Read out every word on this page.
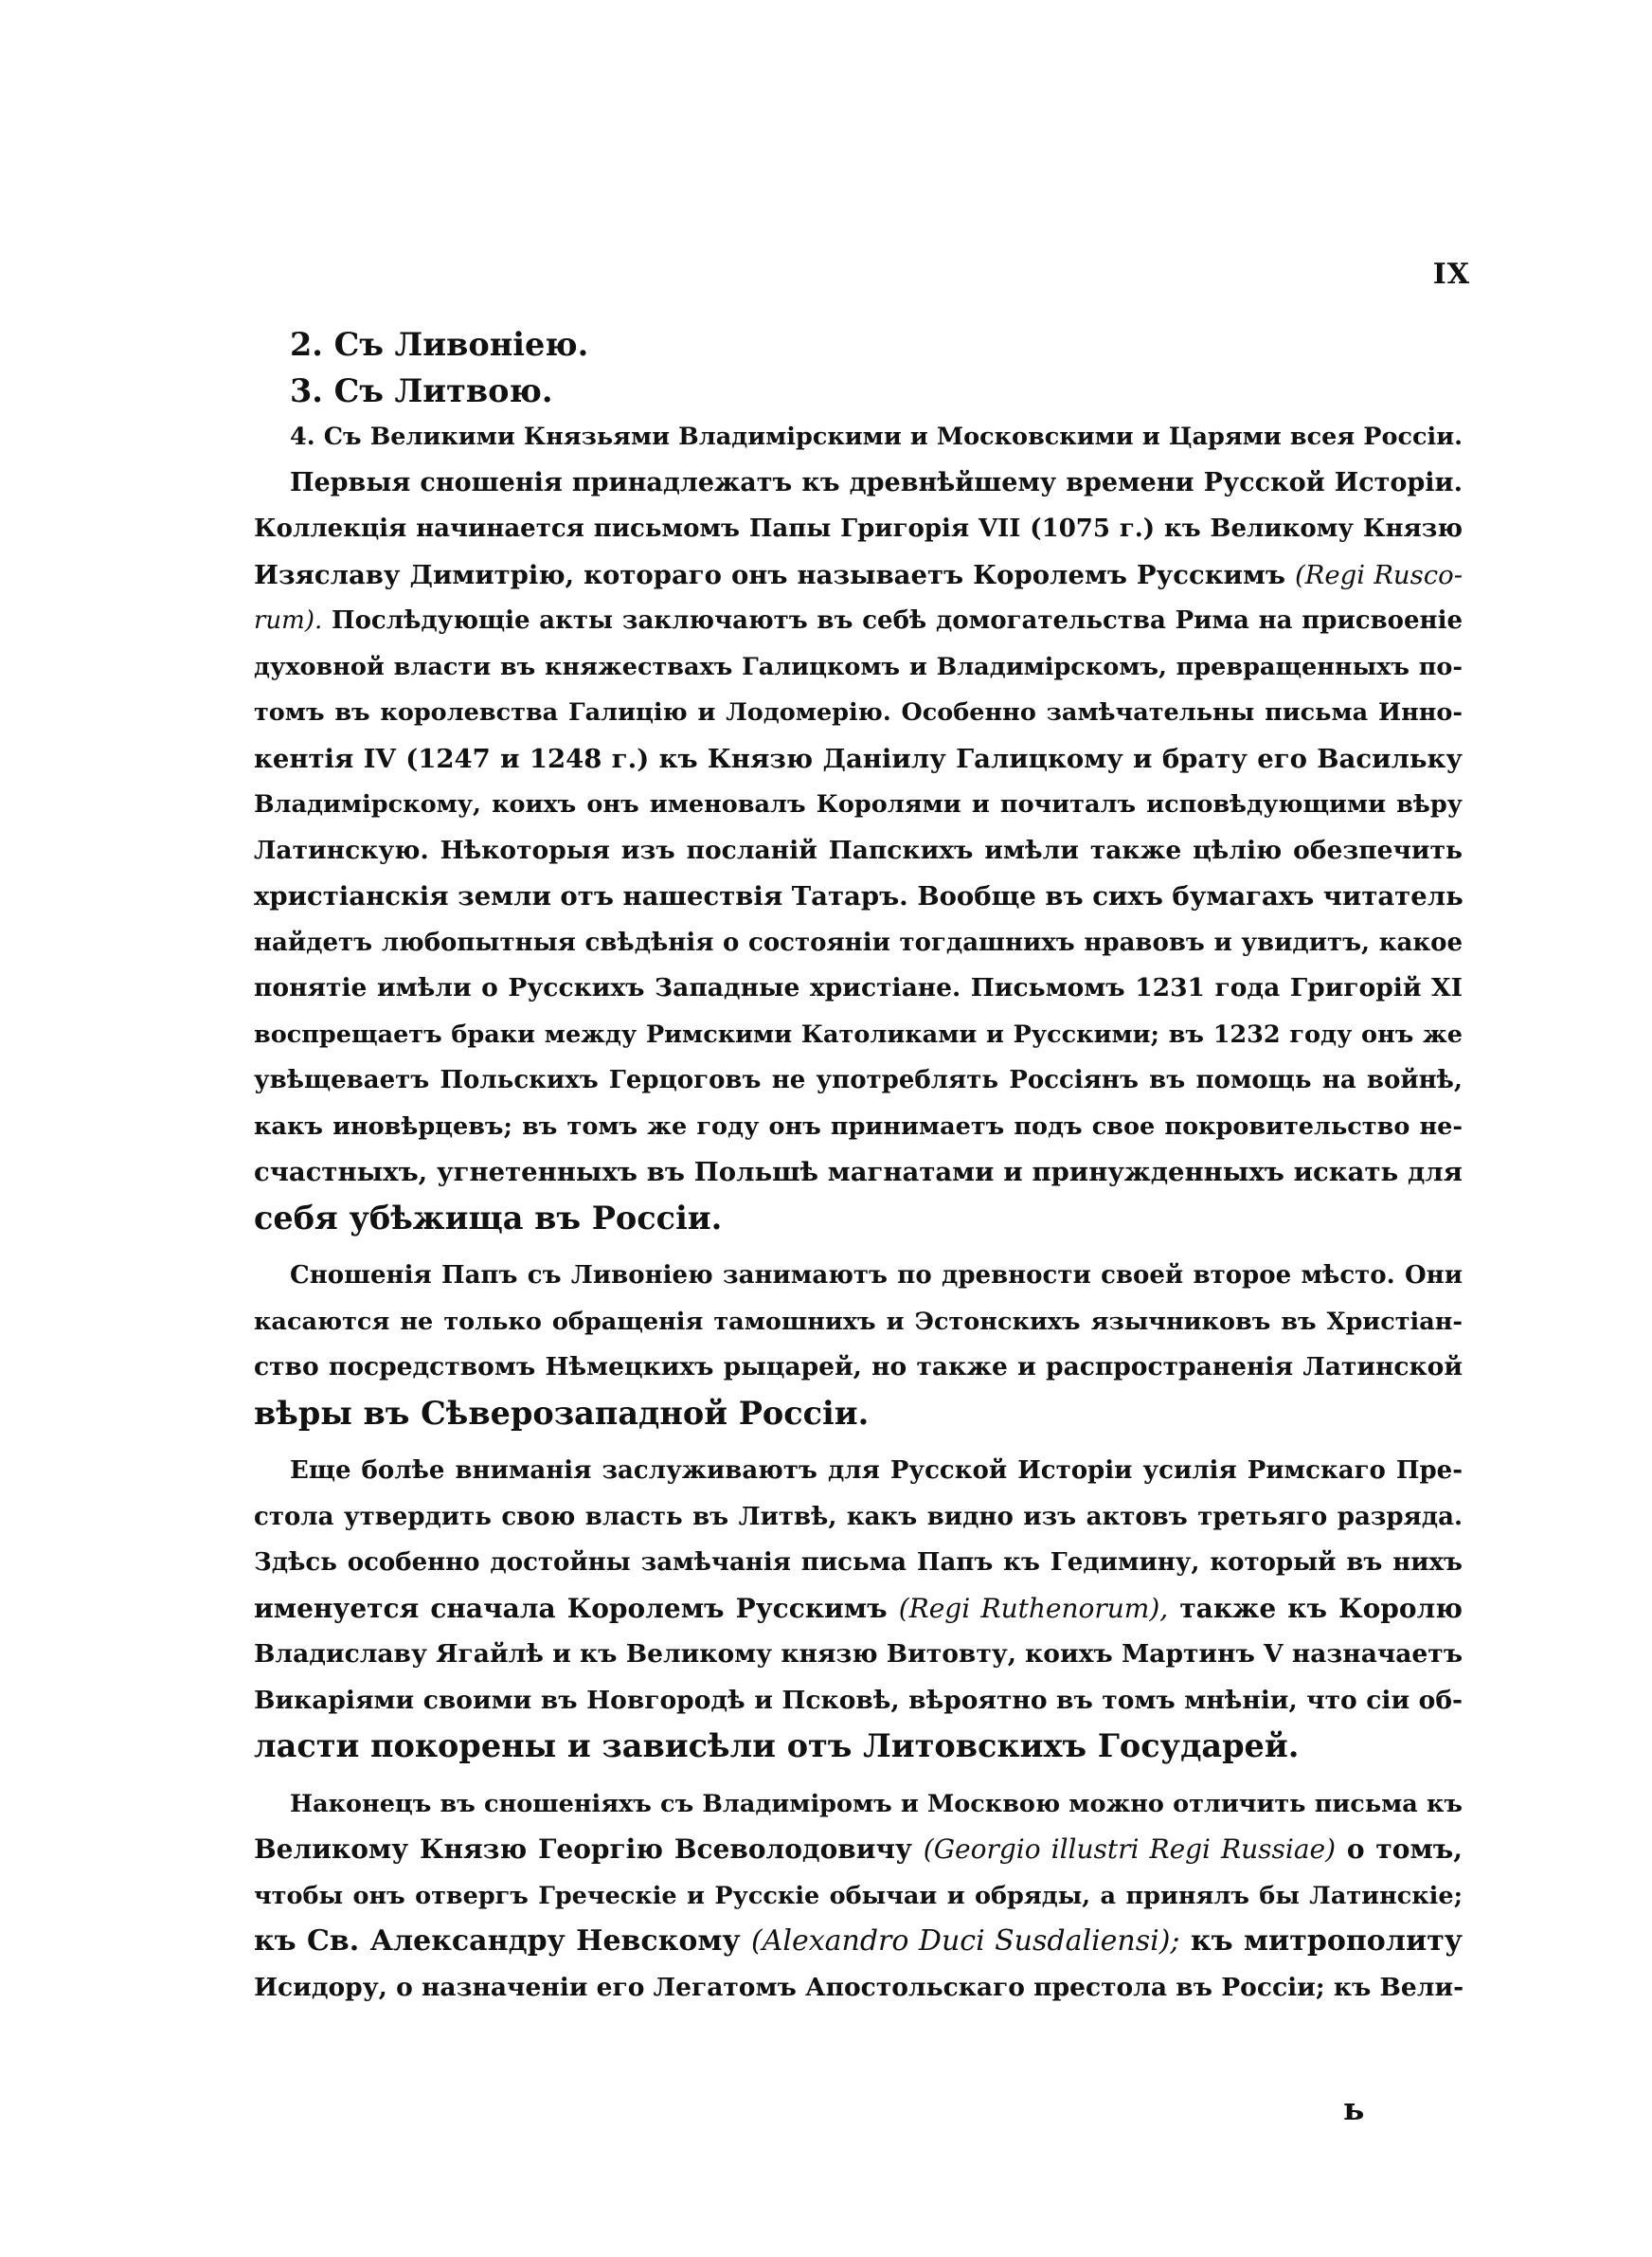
IX
2. Съ Ливоніею.
3. Съ Литвою.
4. Съ Великими Князьями Владимірскими и Московскими и Царями всея Россіи.
Первыя сношенія принадлежатъ къ древнѣйшему времени Русской Исторіи.
Коллекція начинается письмомъ Папы Григорія VII (1075 г.) къ Великому Князю
Изяславу Димитрію, котораго онъ называетъ Королемъ Русскимъ (Regi Rusco-
rum). Послѣдующіе акты заключаютъ въ себѣ домогательства Рима на присвоеніе
духовной власти въ княжествахъ Галицкомъ и Владимірскомъ, превращенныхъ по-
томъ въ королевства Галицію и Лодомерію. Особенно замѣчательны письма Инно-
кентія IV (1247 и 1248 г.) къ Князю Даніилу Галицкому и брату его Васильку
Владимірскому, коихъ онъ именовалъ Королями и почиталъ исповѣдующими вѣру
Латинскую. Нѣкоторыя изъ посланій Папскихъ имѣли также цѣлію обезпечить
христіанскія земли отъ нашествія Татаръ. Вообще въ сихъ бумагахъ читатель
найдетъ любопытныя свѣдѣнія о состояніи тогдашнихъ нравовъ и увидитъ, какое
понятіе имѣли о Русскихъ Западные христіане. Письмомъ 1231 года Григорій XI
воспрещаетъ браки между Римскими Католиками и Русскими; въ 1232 году онъ же
увѣщеваетъ Польскихъ Герцоговъ не употреблять Россіянъ въ помощь на войнѣ,
какъ иновѣрцевъ; въ томъ же году онъ принимаетъ подъ свое покровительство не-
счастныхъ, угнетенныхъ въ Польшѣ магнатами и принужденныхъ искать для
себя убѣжища въ Россіи.
Сношенія Папъ съ Ливоніею занимаютъ по древности своей второе мѣсто. Они
касаются не только обращенія тамошнихъ и Эстонскихъ язычниковъ въ Христіан-
ство посредствомъ Нѣмецкихъ рыцарей, но также и распространенія Латинской
вѣры въ Сѣверозападной Россіи.
Еще болѣе вниманія заслуживаютъ для Русской Исторіи усилія Римскаго Пре-
стола утвердить свою власть въ Литвѣ, какъ видно изъ актовъ третьяго разряда.
Здѣсь особенно достойны замѣчанія письма Папъ къ Гедимину, который въ нихъ
именуется сначала Королемъ Русскимъ (Regi Ruthenorum), также къ Королю
Владиславу Ягайлѣ и къ Великому князю Витовту, коихъ Мартинъ V назначаетъ
Викаріями своими въ Новгородѣ и Псковѣ, вѣроятно въ томъ мнѣніи, что сіи об-
ласти покорены и зависѣли отъ Литовскихъ Государей.
Наконецъ въ сношеніяхъ съ Владиміромъ и Москвою можно отличить письма къ
Великому Князю Георгію Всеволодовичу (Georgio illustri Regi Russiae) о томъ,
чтобы онъ отвергъ Греческіе и Русскіе обычаи и обряды, а принялъ бы Латинскіе;
къ Св. Александру Невскому (Alexandro Duci Susdaliensi); къ митрополиту
Исидору, о назначеніи его Легатомъ Апостольскаго престола въ Россіи; къ Вели-
ь
